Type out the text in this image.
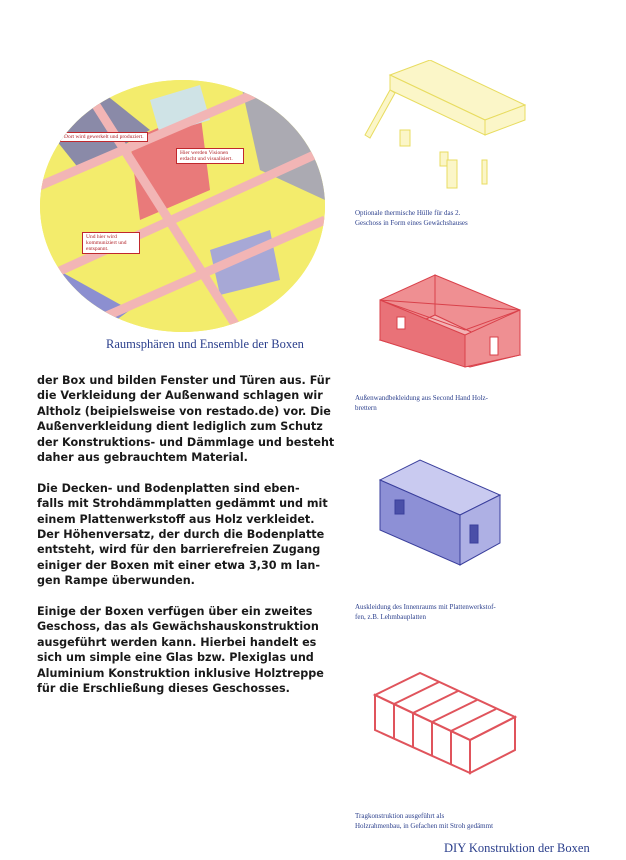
Dort wird gewerkelt und produziert.
Hier werden Visionen erdacht und visualisiert.
Und hier wird kommuniziert und entspannt.
Raumsphären und Ensemble der Boxen
der Box und bilden Fenster und Türen aus. Für
die Verkleidung der Außenwand schlagen wir
Altholz (beipielsweise von restado.de) vor. Die
Außenverkleidung dient lediglich zum Schutz
der Konstruktions- und Dämmlage und besteht
daher aus gebrauchtem Material.
Die Decken- und Bodenplatten sind eben-
falls mit Strohdämmplatten gedämmt und mit
einem Plattenwerkstoff aus Holz verkleidet.
Der Höhenversatz, der durch die Bodenplatte
entsteht, wird für den barrierefreien Zugang
einiger der Boxen mit einer etwa 3,30 m lan-
gen Rampe überwunden.
Einige der Boxen verfügen über ein zweites
Geschoss, das als Gewächshauskonstruktion
ausgeführt werden kann. Hierbei handelt es
sich um simple eine Glas bzw. Plexiglas und
Aluminium Konstruktion inklusive Holztreppe
für die Erschließung dieses Geschosses.
Optionale thermische Hülle für das 2.
Geschoss in Form eines Gewächshauses
Außenwandbekleidung aus Second Hand Holz-
brettern
Auskleidung des Innenraums mit Plattenwerkstof-
fen, z.B. Lehmbauplatten
Tragkonstruktion ausgeführt als
Holzrahmenbau, in Gefachen mit Stroh gedämmt
DIY Konstruktion der Boxen
